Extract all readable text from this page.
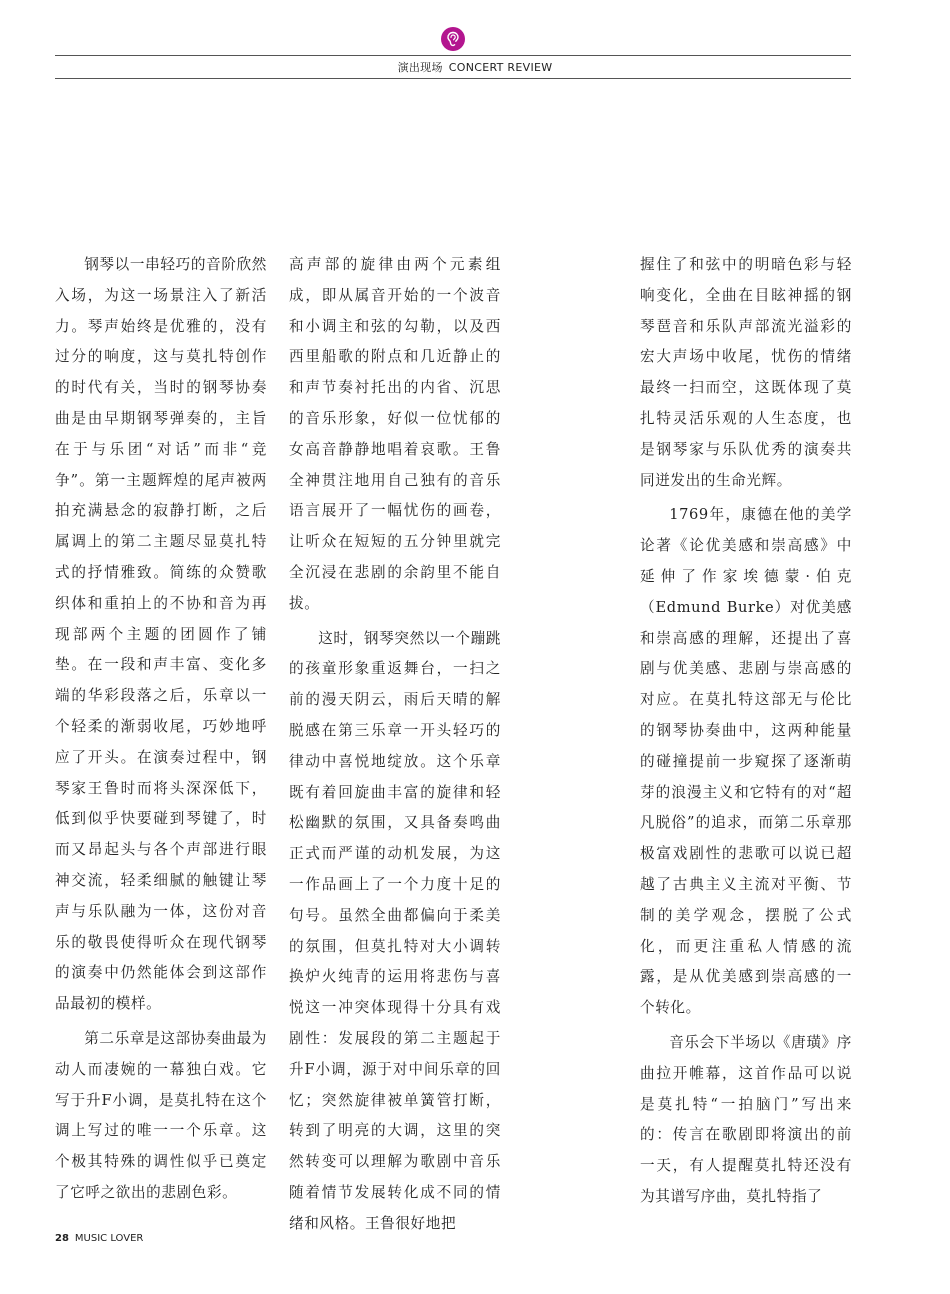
演出现场 CONCERT REVIEW

钢琴以一串轻巧的音阶欣然入场，为这一场景注入了新活力。琴声始终是优雅的，没有过分的响度，这与莫扎特创作的时代有关，当时的钢琴协奏曲是由早期钢琴弹奏的，主旨在于与乐团“对话”而非“竞争”。第一主题辉煌的尾声被两拍充满悬念的寂静打断，之后属调上的第二主题尽显莫扎特式的抒情雅致。简练的众赞歌织体和重拍上的不协和音为再现部两个主题的团圆作了铺垫。在一段和声丰富、变化多端的华彩段落之后，乐章以一个轻柔的渐弱收尾，巧妙地呼应了开头。在演奏过程中，钢琴家王鲁时而将头深深低下，低到似乎快要碰到琴键了，时而又昂起头与各个声部进行眼神交流，轻柔细腻的触键让琴声与乐队融为一体，这份对音乐的敬畏使得听众在现代钢琴的演奏中仍然能体会到这部作品最初的模样。

第二乐章是这部协奏曲最为动人而凄婉的一幕独白戏。它写于升F小调，是莫扎特在这个调上写过的唯一一个乐章。这个极其特殊的调性似乎已奠定了它呼之欲出的悲剧色彩。

高声部的旋律由两个元素组成，即从属音开始的一个波音和小调主和弦的勾勒，以及西西里船歌的附点和几近静止的和声节奏衬托出的内省、沉思的音乐形象，好似一位忧郁的女高音静静地唱着哀歌。王鲁全神贯注地用自己独有的音乐语言展开了一幅忧伤的画卷，让听众在短短的五分钟里就完全沉浸在悲剧的余韵里不能自拔。

这时，钢琴突然以一个蹦跳的孩童形象重返舞台，一扫之前的漫天阴云，雨后天晴的解脱感在第三乐章一开头轻巧的律动中喜悦地绽放。这个乐章既有着回旋曲丰富的旋律和轻松幽默的氛围，又具备奏鸣曲正式而严谨的动机发展，为这一作品画上了一个力度十足的句号。虽然全曲都偏向于柔美的氛围，但莫扎特对大小调转换炉火纯青的运用将悲伤与喜悦这一冲突体现得十分具有戏剧性：发展段的第二主题起于升F小调，源于对中间乐章的回忆；突然旋律被单簧管打断，转到了明亮的大调，这里的突然转变可以理解为歌剧中音乐随着情节发展转化成不同的情绪和风格。王鲁很好地把

握住了和弦中的明暗色彩与轻响变化，全曲在目眩神摇的钢琴琶音和乐队声部流光溢彩的宏大声场中收尾，忧伤的情绪最终一扫而空，这既体现了莫扎特灵活乐观的人生态度，也是钢琴家与乐队优秀的演奏共同迸发出的生命光辉。

1769年，康德在他的美学论著《论优美感和崇高感》中延伸了作家埃德蒙·伯克（Edmund Burke）对优美感和崇高感的理解，还提出了喜剧与优美感、悲剧与崇高感的对应。在莫扎特这部无与伦比的钢琴协奏曲中，这两种能量的碰撞提前一步窥探了逐渐萌芽的浪漫主义和它特有的对“超凡脱俗”的追求，而第二乐章那极富戏剧性的悲歌可以说已超越了古典主义主流对平衡、节制的美学观念，摆脱了公式化，而更注重私人情感的流露，是从优美感到崇高感的一个转化。

音乐会下半场以《唐璜》序曲拉开帷幕，这首作品可以说是莫扎特“一拍脑门”写出来的：传言在歌剧即将演出的前一天，有人提醒莫扎特还没有为其谱写序曲，莫扎特指了

28 MUSIC LOVER
